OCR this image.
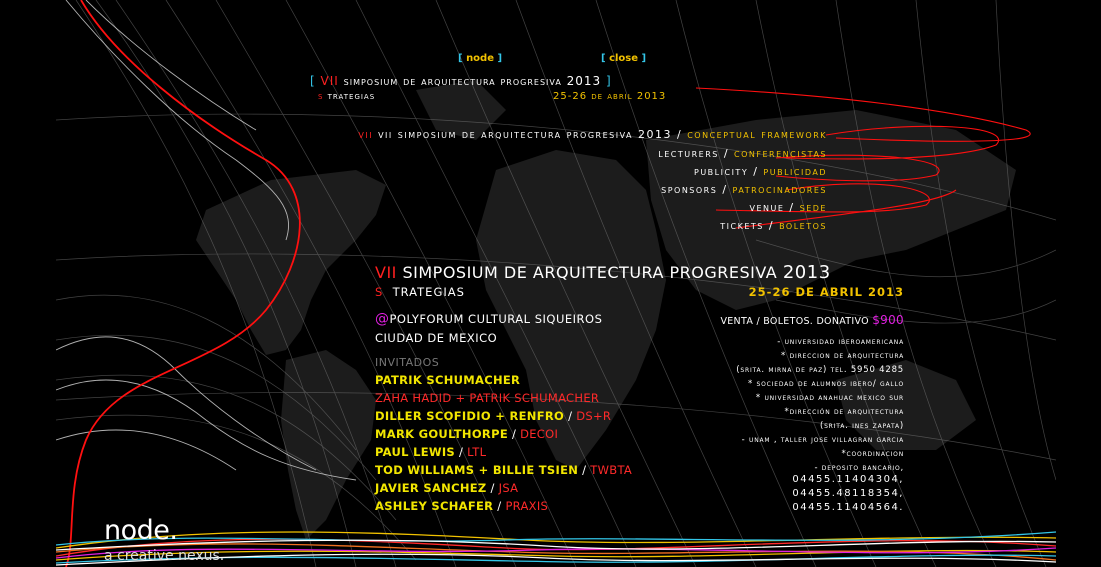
[ node ]	[ close ]
[ VII simposium de arquitectura progresiva 2013 ]
s trategias	25-26 de abril 2013
vii vii simposium de arquitectura progresiva 2013 / conceptual framework
lecturers / conferencistas
publicity / publicidad
sponsors / patrocinadores
venue / sede
tickets / boletos
VII SIMPOSIUM DE ARQUITECTURA PROGRESIVA 2013
S TRATEGIAS	25-26 DE ABRIL 2013
@POLYFORUM CULTURAL SIQUEIROS
CIUDAD DE MEXICO
VENTA / BOLETOS. DONATIVO $900
INVITADOS
PATRIK SCHUMACHER
ZAHA HADID + PATRIK SCHUMACHER
DILLER SCOFIDIO + RENFRO / DS+R
MARK GOULTHORPE / DECOI
PAUL LEWIS / LTL
TOD WILLIAMS + BILLIE TSIEN / TWBTA
JAVIER SANCHEZ / JSA
ASHLEY SCHAFER / PRAXIS
- universidad iberoamericana
* direccion de arquitectura
(srita. mirna de paz) tel. 5950 4285
* sociedad de alumnos ibero/ gallo
* universidad anahuac mexico sur
*dirección de arquitectura
(srita. ines zapata)
- unam , taller jose villagran garcia
*coordinacion
- deposito bancario,
04455.11404304,
04455.48118354,
04455.11404564.
node.
a creative nexus.
